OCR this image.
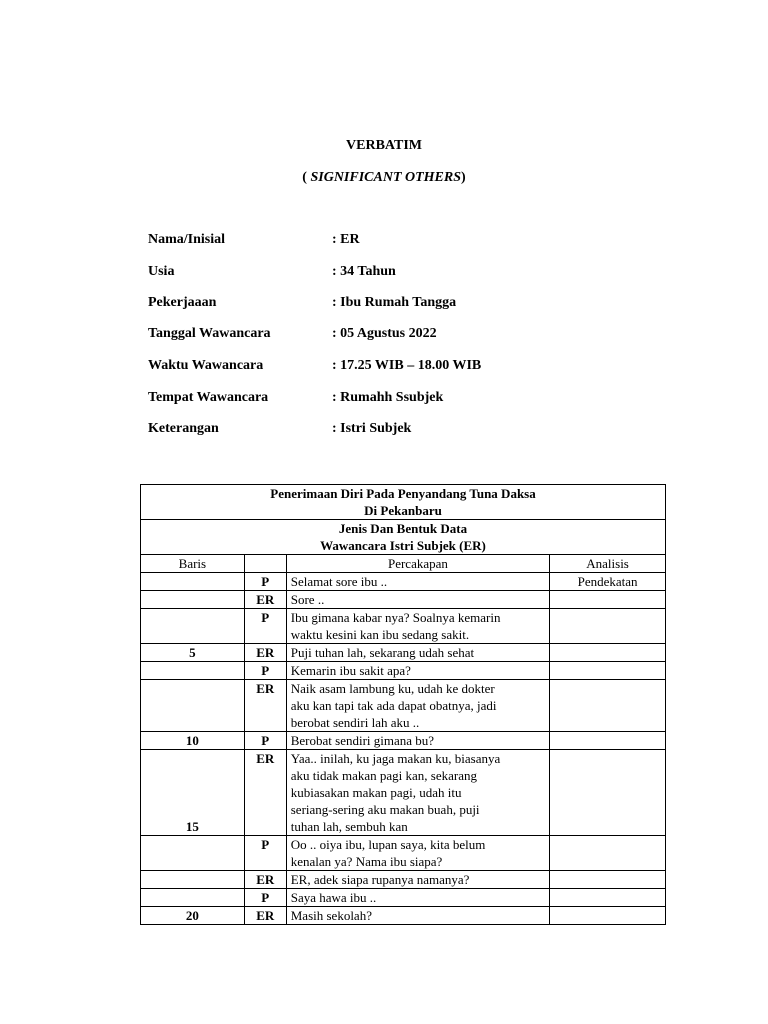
VERBATIM
( SIGNIFICANT OTHERS)
Nama/Inisial	: ER
Usia	: 34 Tahun
Pekerjaaan	: Ibu Rumah Tangga
Tanggal Wawancara	: 05 Agustus 2022
Waktu Wawancara	: 17.25 WIB – 18.00 WIB
Tempat Wawancara	: Rumahh Ssubjek
Keterangan	: Istri Subjek
Penerimaan Diri Pada Penyandang Tuna Daksa
Di Pekanbaru			

Jenis Dan Bentuk Data
Wawancara Istri Subjek (ER)			

Baris		Percakapan	Analisis
	P	Selamat sore ibu ..	Pendekatan
	ER	Sore ..	

	P	Ibu gimana kabar nya? Soalnya kemarin
waktu kesini kan ibu sedang sakit.	

5	ER	Puji tuhan lah, sekarang udah sehat	

	P	Kemarin ibu sakit apa?	

	ER	Naik asam lambung ku, udah ke dokter
aku kan tapi tak ada dapat obatnya, jadi
berobat sendiri lah aku ..	

10	P	Berobat sendiri gimana bu?	

15	ER	Yaa.. inilah, ku jaga makan ku, biasanya
aku tidak makan pagi kan, sekarang
kubiasakan makan pagi, udah itu
seriang-sering aku makan buah, puji
tuhan lah, sembuh kan	

	P	Oo .. oiya ibu, lupan saya, kita belum
kenalan ya? Nama ibu siapa?	

	ER	ER, adek siapa rupanya namanya?	

	P	Saya hawa ibu ..	

20	ER	Masih sekolah?	
